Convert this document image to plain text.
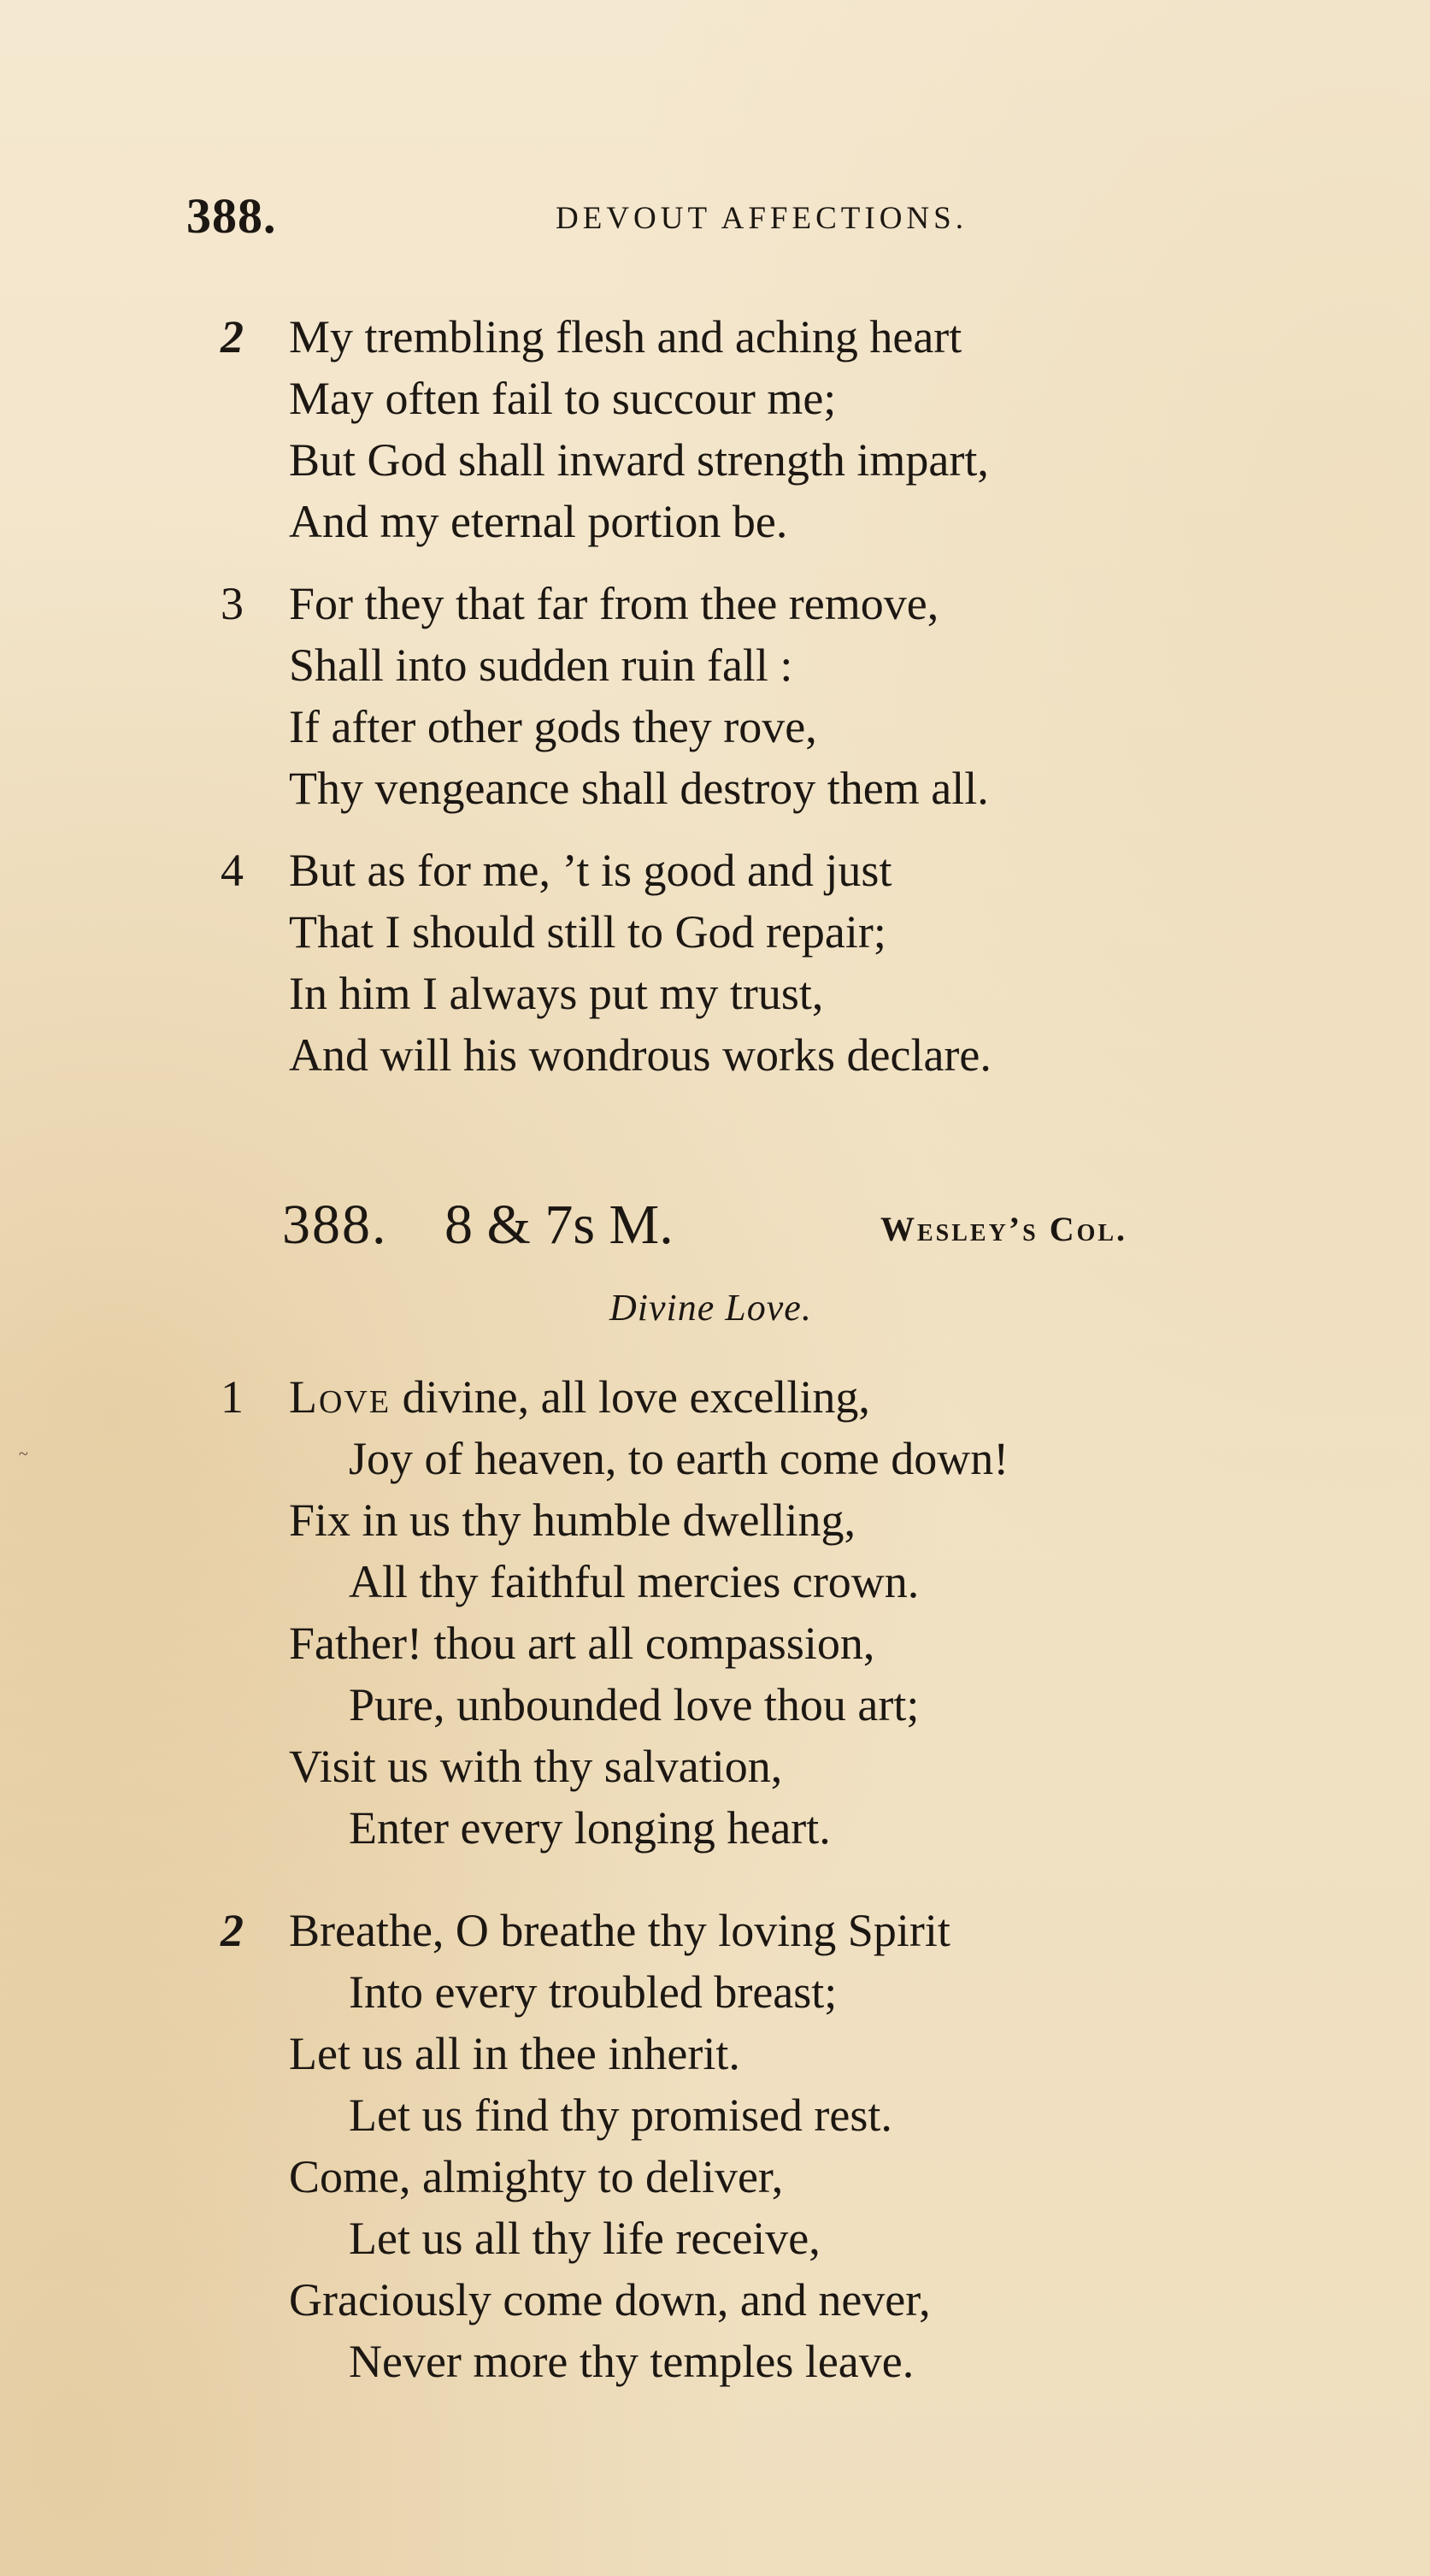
388.	DEVOUT AFFECTIONS.
2 My trembling flesh and aching heart
May often fail to succour me;
But God shall inward strength impart,
And my eternal portion be.
3 For they that far from thee remove,
Shall into sudden ruin fall :
If after other gods they rove,
Thy vengeance shall destroy them all.
4 But as for me, ’t is good and just
That I should still to God repair;
In him I always put my trust,
And will his wondrous works declare.
388. 8 & 7s M.	Wesley’s Col.
Divine Love.
1 Love divine, all love excelling,
Joy of heaven, to earth come down!
Fix in us thy humble dwelling,
All thy faithful mercies crown.
Father! thou art all compassion,
Pure, unbounded love thou art;
Visit us with thy salvation,
Enter every longing heart.
2 Breathe, O breathe thy loving Spirit
Into every troubled breast;
Let us all in thee inherit.
Let us find thy promised rest.
Come, almighty to deliver,
Let us all thy life receive,
Graciously come down, and never,
Never more thy temples leave.
~
